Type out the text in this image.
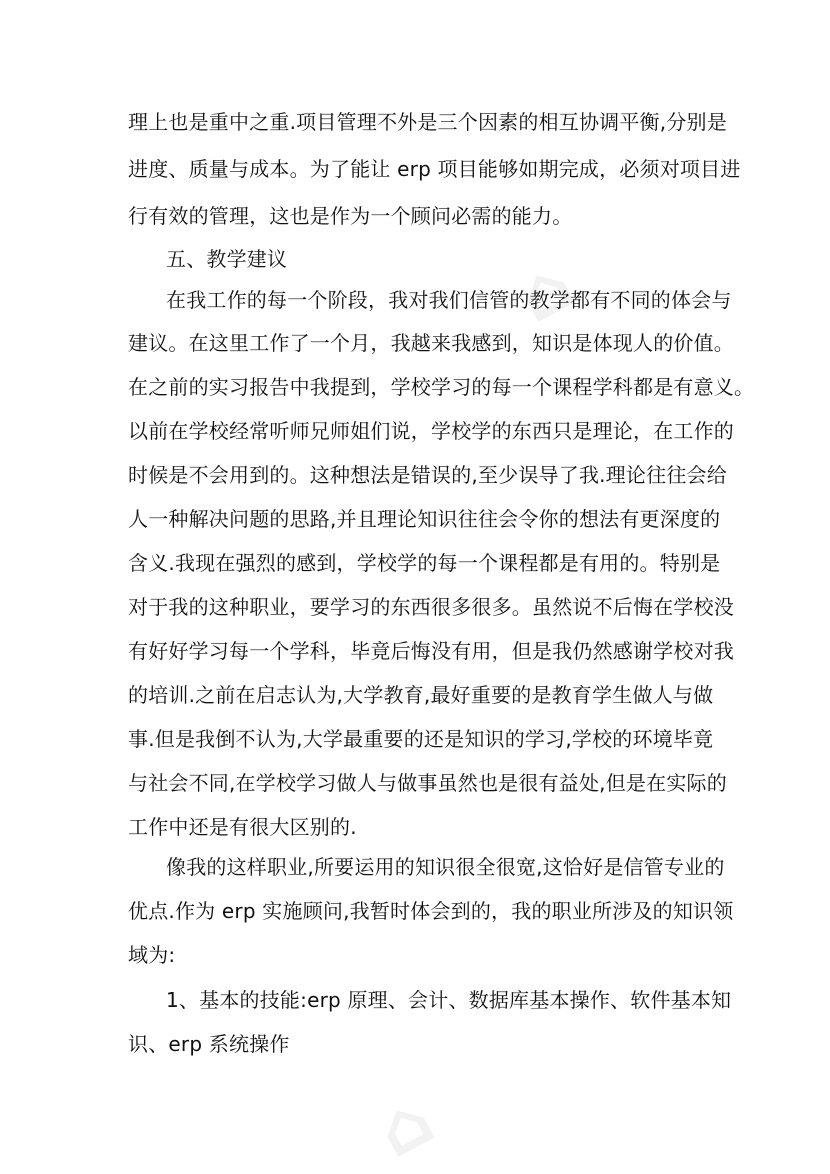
⌂
⌂
理上也是重中之重.项目管理不外是三个因素的相互协调平衡,分别是
进度、质量与成本。为了能让 erp 项目能够如期完成，必须对项目进
行有效的管理，这也是作为一个顾问必需的能力。
五、教学建议
在我工作的每一个阶段，我对我们信管的教学都有不同的体会与
建议。在这里工作了一个月，我越来我感到，知识是体现人的价值。
在之前的实习报告中我提到，学校学习的每一个课程学科都是有意义。
以前在学校经常听师兄师姐们说，学校学的东西只是理论，在工作的
时候是不会用到的。这种想法是错误的,至少误导了我.理论往往会给
人一种解决问题的思路,并且理论知识往往会令你的想法有更深度的
含义.我现在强烈的感到，学校学的每一个课程都是有用的。特别是
对于我的这种职业，要学习的东西很多很多。虽然说不后悔在学校没
有好好学习每一个学科，毕竟后悔没有用，但是我仍然感谢学校对我
的培训.之前在启志认为,大学教育,最好重要的是教育学生做人与做
事.但是我倒不认为,大学最重要的还是知识的学习,学校的环境毕竟
与社会不同,在学校学习做人与做事虽然也是很有益处,但是在实际的
工作中还是有很大区别的.
像我的这样职业,所要运用的知识很全很宽,这恰好是信管专业的
优点.作为 erp 实施顾问,我暂时体会到的，我的职业所涉及的知识领
域为:
1、基本的技能:erp 原理、会计、数据库基本操作、软件基本知
识、erp 系统操作
